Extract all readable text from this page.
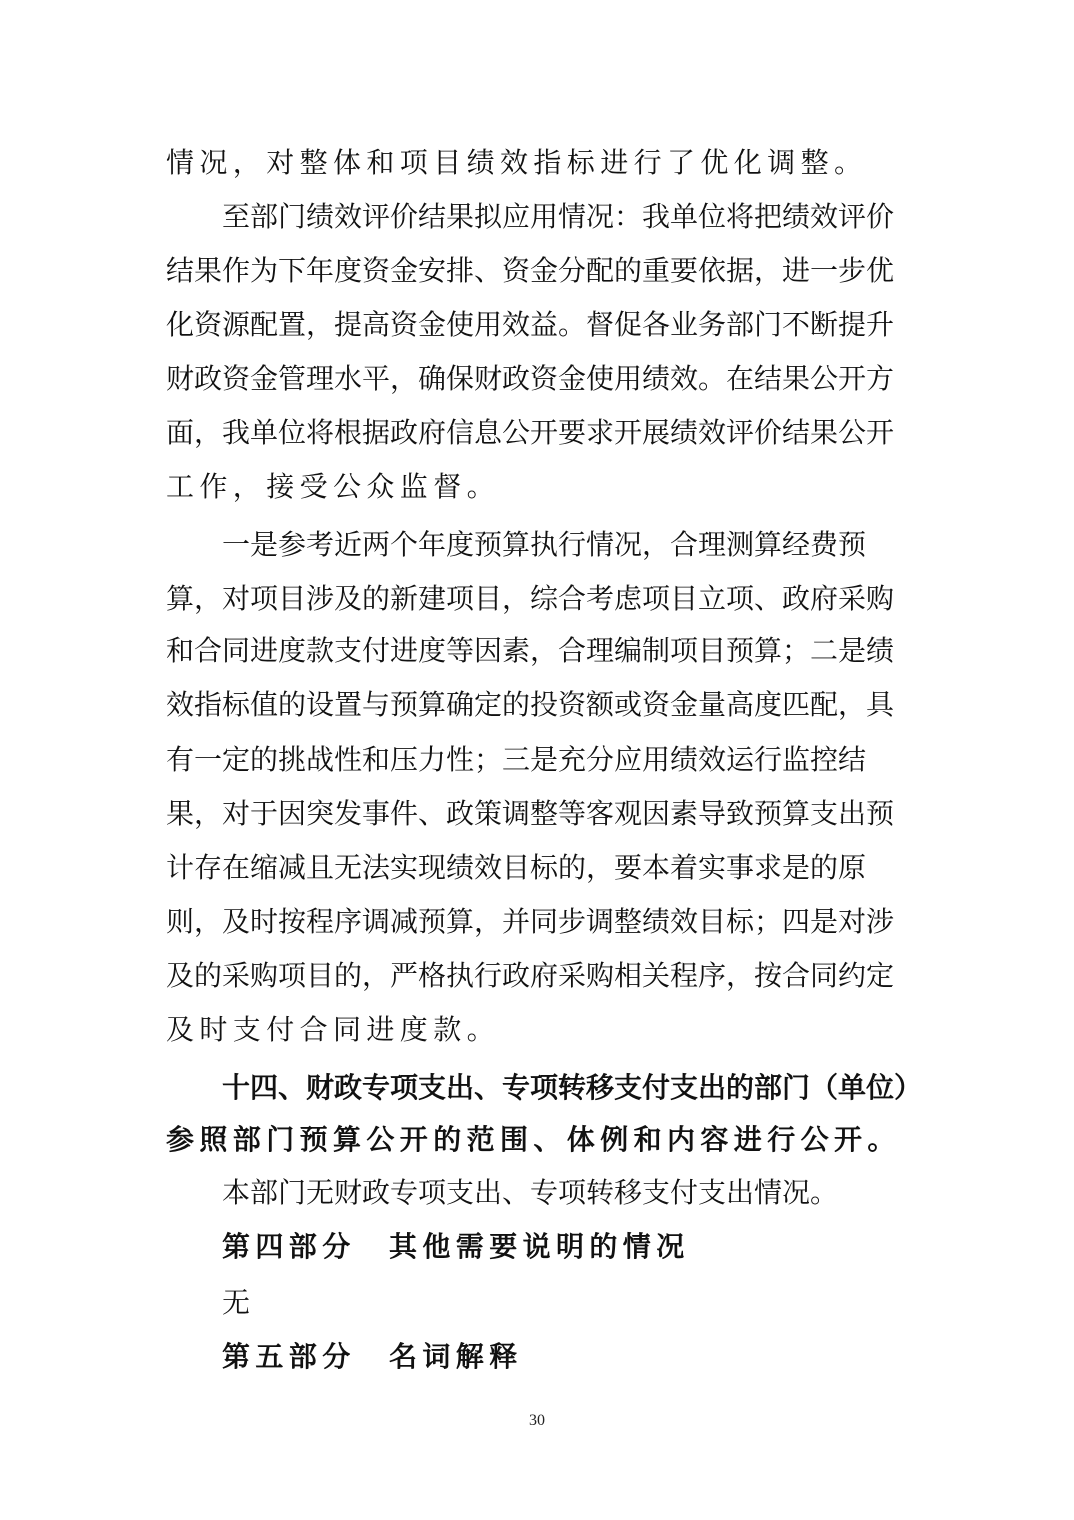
情况，对整体和项目绩效指标进行了优化调整。
至部门绩效评价结果拟应用情况：我单位将把绩效评价
结果作为下年度资金安排、资金分配的重要依据，进一步优
化资源配置，提高资金使用效益。督促各业务部门不断提升
财政资金管理水平，确保财政资金使用绩效。在结果公开方
面，我单位将根据政府信息公开要求开展绩效评价结果公开
工作，接受公众监督。
一是参考近两个年度预算执行情况，合理测算经费预
算，对项目涉及的新建项目，综合考虑项目立项、政府采购
和合同进度款支付进度等因素，合理编制项目预算；二是绩
效指标值的设置与预算确定的投资额或资金量高度匹配，具
有一定的挑战性和压力性；三是充分应用绩效运行监控结
果，对于因突发事件、政策调整等客观因素导致预算支出预
计存在缩减且无法实现绩效目标的，要本着实事求是的原
则，及时按程序调减预算，并同步调整绩效目标；四是对涉
及的采购项目的，严格执行政府采购相关程序，按合同约定
及时支付合同进度款。
十四、财政专项支出、专项转移支付支出的部门（单位）
参照部门预算公开的范围、体例和内容进行公开。
本部门无财政专项支出、专项转移支付支出情况。
第四部分　其他需要说明的情况
无
第五部分　名词解释
30
